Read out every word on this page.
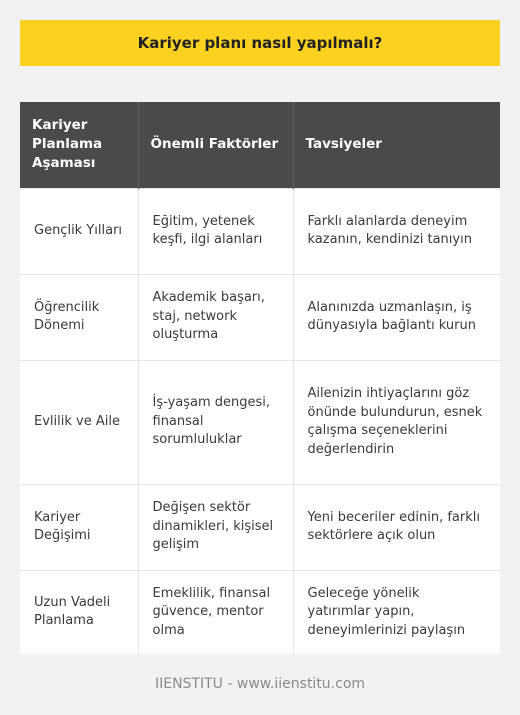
Kariyer planı nasıl yapılmalı?
Kariyer Planlama Aşaması	Önemli Faktörler	Tavsiyeler
Gençlik Yılları	Eğitim, yetenek keşfi, ilgi alanları	Farklı alanlarda deneyim kazanın, kendinizi tanıyın
Öğrencilik Dönemi	Akademik başarı, staj, network oluşturma	Alanınızda uzmanlaşın, iş dünyasıyla bağlantı kurun
Evlilik ve Aile	İş-yaşam dengesi, finansal sorumluluklar	Ailenizin ihtiyaçlarını göz önünde bulundurun, esnek çalışma seçeneklerini değerlendirin
Kariyer Değişimi	Değişen sektör dinamikleri, kişisel gelişim	Yeni beceriler edinin, farklı sektörlere açık olun
Uzun Vadeli Planlama	Emeklilik, finansal güvence, mentor olma	Geleceğe yönelik yatırımlar yapın, deneyimlerinizi paylaşın
IIENSTITU - www.iienstitu.com
